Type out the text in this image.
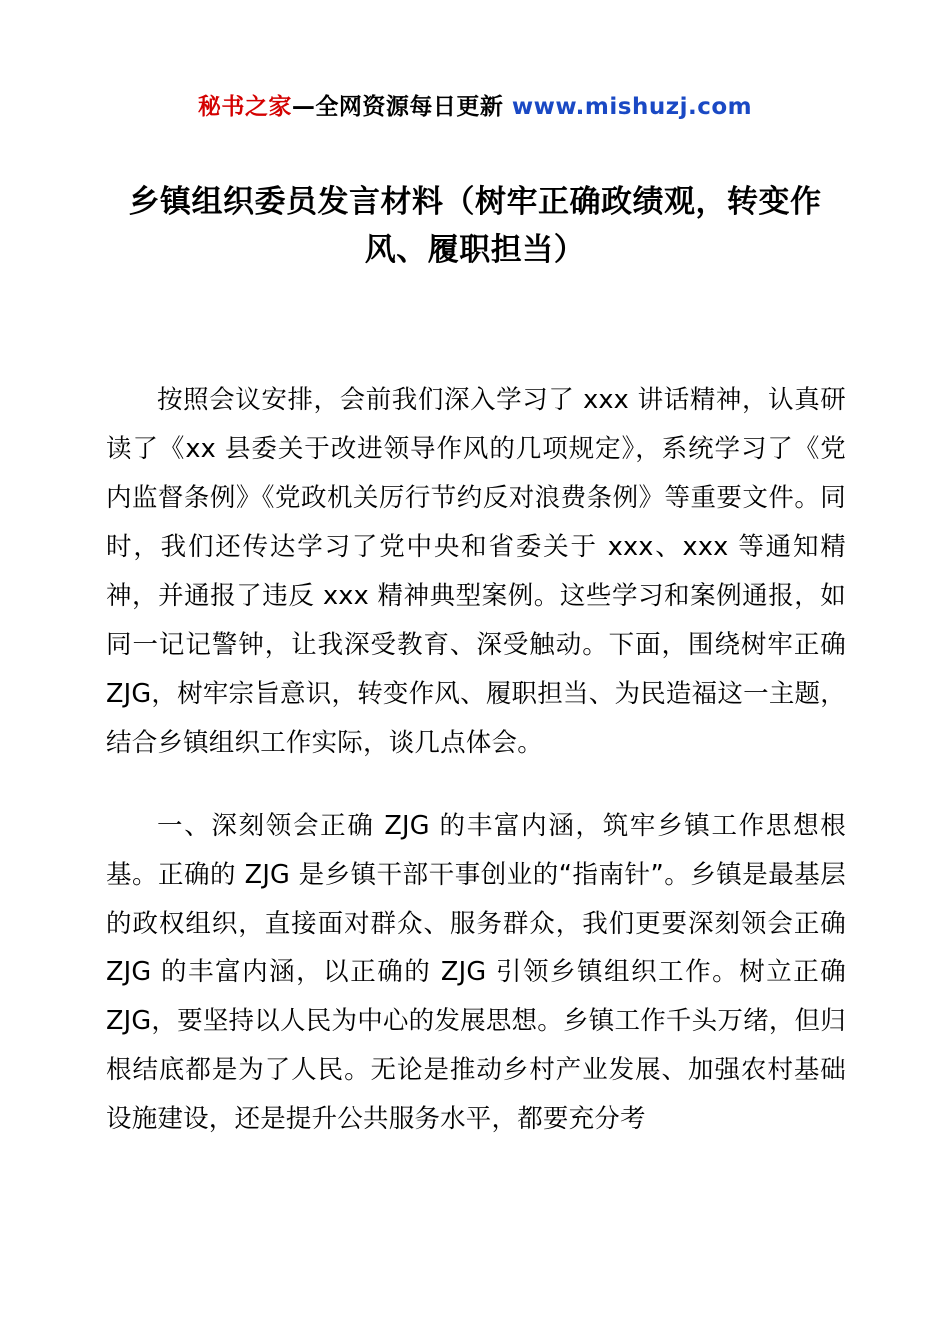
秘书之家—全网资源每日更新 www.mishuzj.com
乡镇组织委员发言材料（树牢正确政绩观，转变作风、履职担当）

按照会议安排，会前我们深入学习了 xxx 讲话精神，认真研读了《xx 县委关于改进领导作风的几项规定》，系统学习了《党内监督条例》《党政机关厉行节约反对浪费条例》等重要文件。同时，我们还传达学习了党中央和省委关于 xxx、xxx 等通知精神，并通报了违反 xxx 精神典型案例。这些学习和案例通报，如同一记记警钟，让我深受教育、深受触动。下面，围绕树牢正确 ZJG，树牢宗旨意识，转变作风、履职担当、为民造福这一主题，结合乡镇组织工作实际，谈几点体会。

一、深刻领会正确 ZJG 的丰富内涵，筑牢乡镇工作思想根基。正确的 ZJG 是乡镇干部干事创业的“指南针”。乡镇是最基层的政权组织，直接面对群众、服务群众，我们更要深刻领会正确 ZJG 的丰富内涵，以正确的 ZJG 引领乡镇组织工作。树立正确 ZJG，要坚持以人民为中心的发展思想。乡镇工作千头万绪，但归根结底都是为了人民。无论是推动乡村产业发展、加强农村基础设施建设，还是提升公共服务水平，都要充分考
